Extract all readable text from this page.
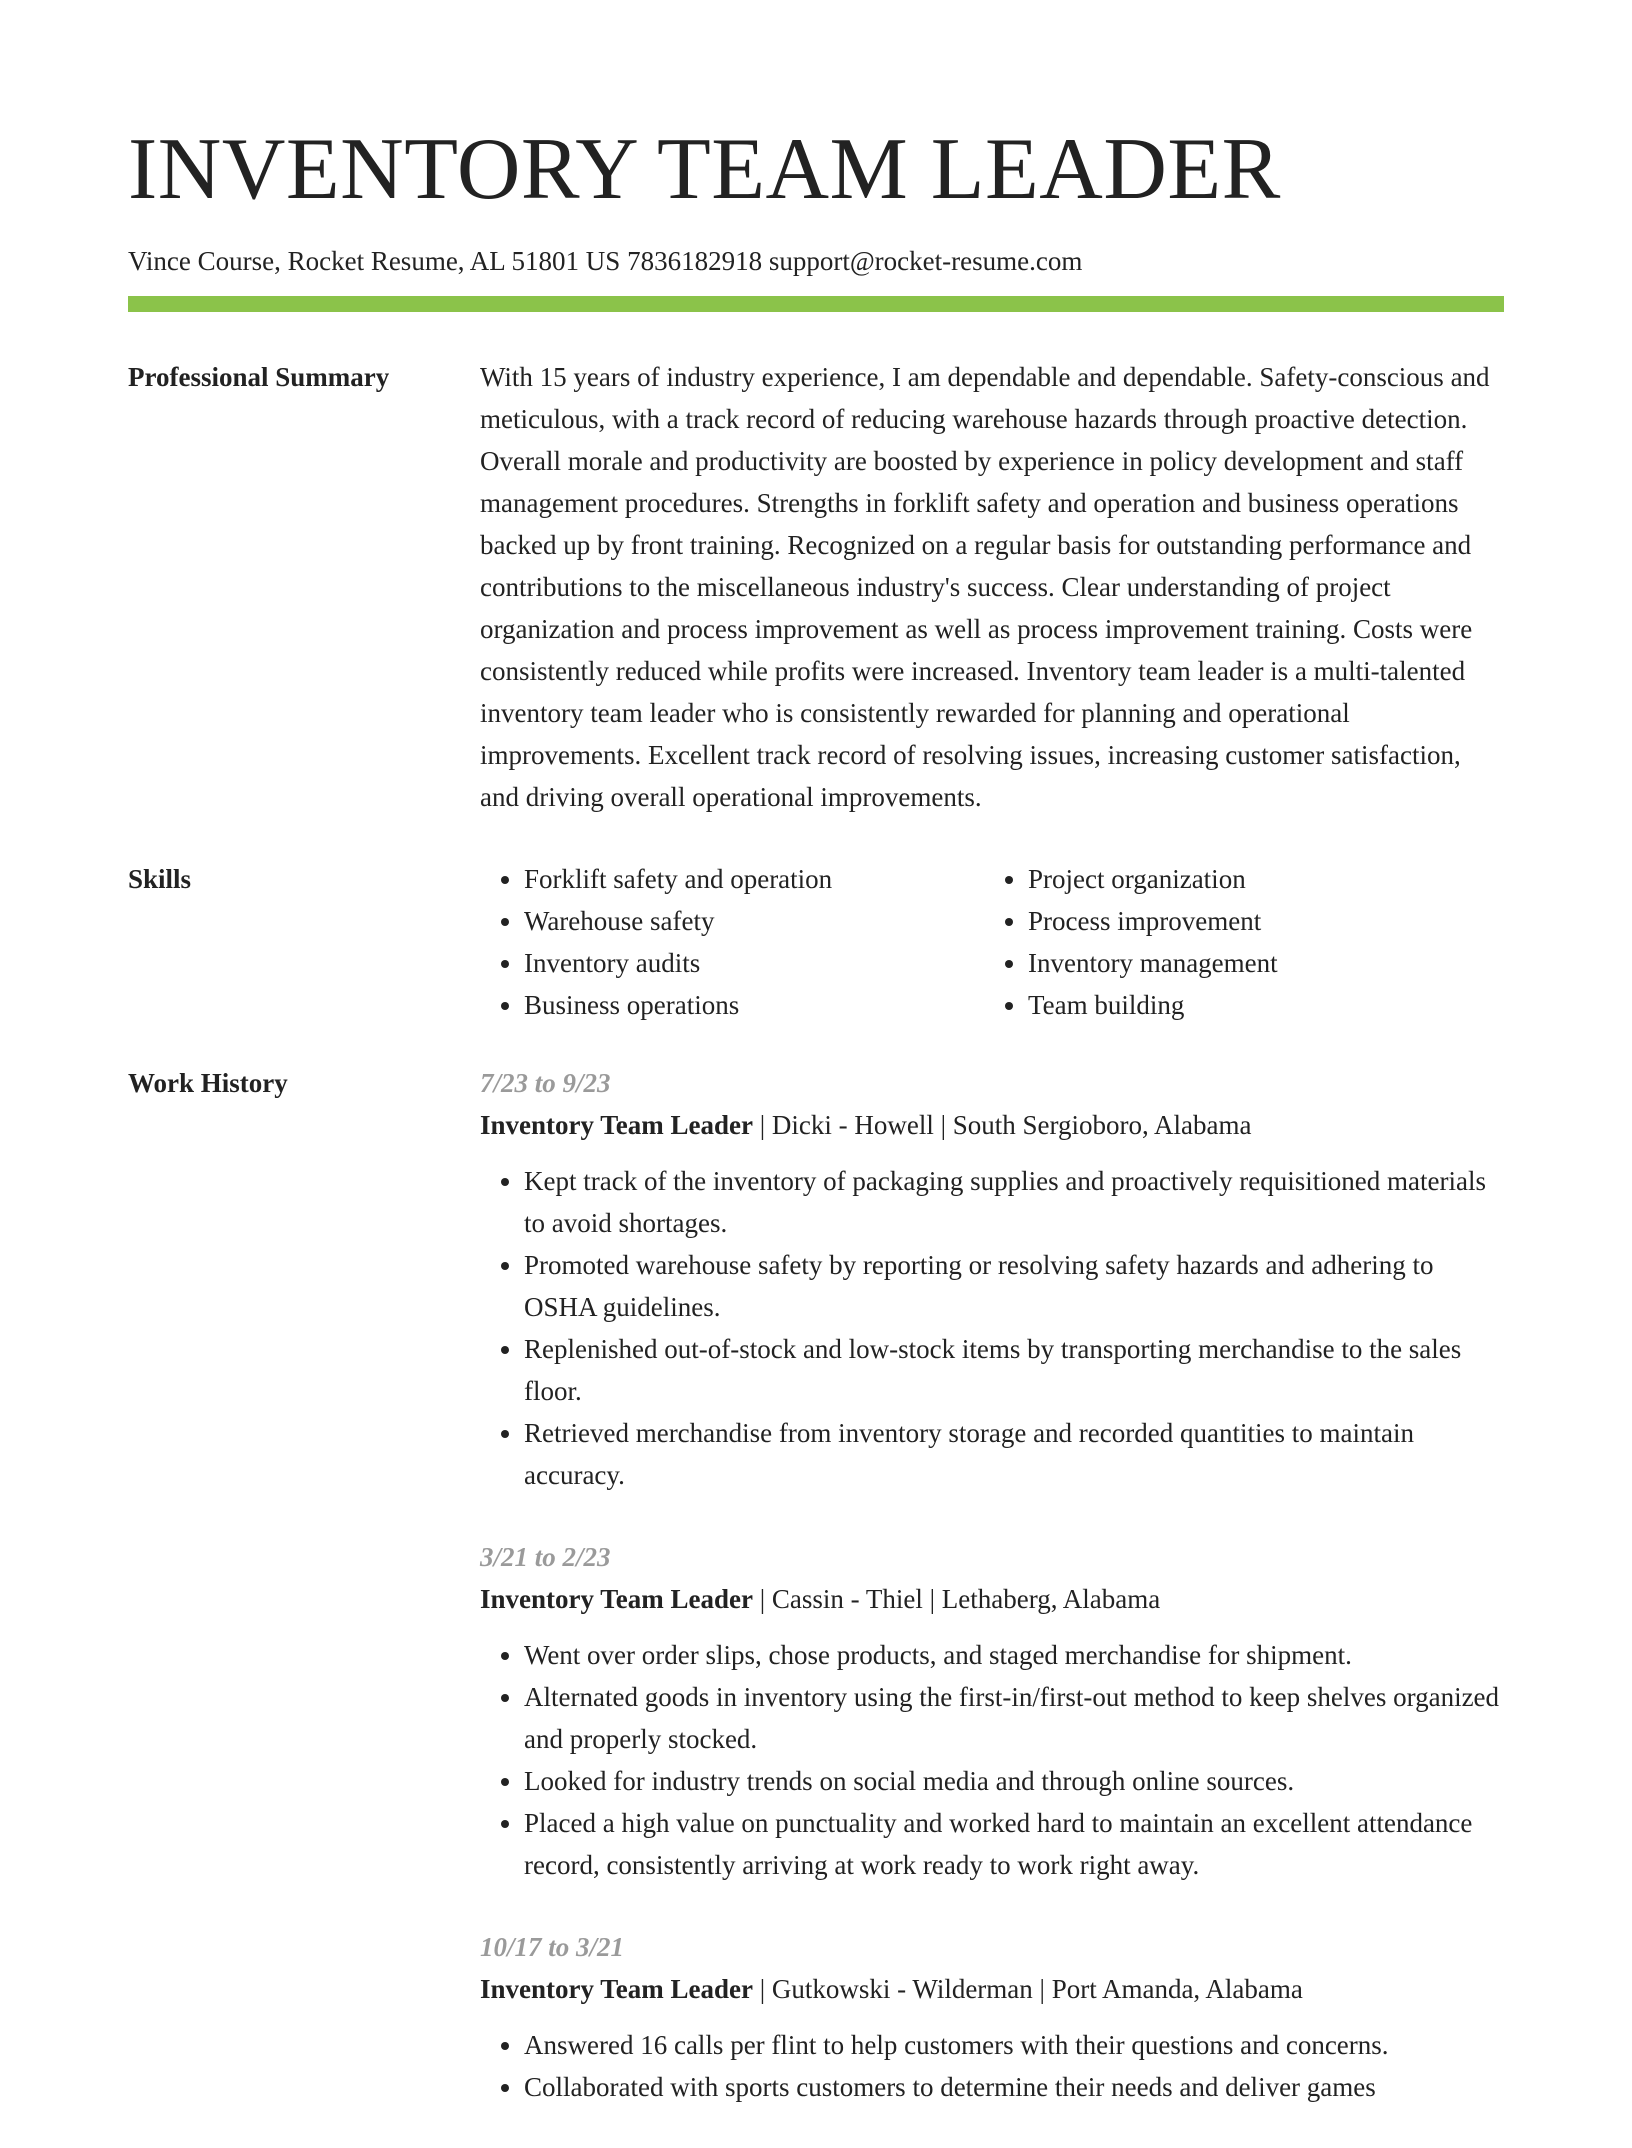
INVENTORY TEAM LEADER
Vince Course, Rocket Resume, AL 51801 US 7836182918 support@rocket-resume.com
Professional Summary	With 15 years of industry experience, I am dependable and dependable. Safety-conscious and meticulous, with a track record of reducing warehouse hazards through proactive detection. Overall morale and productivity are boosted by experience in policy development and staff management procedures. Strengths in forklift safety and operation and business operations backed up by front training. Recognized on a regular basis for outstanding performance and contributions to the miscellaneous industry's success. Clear understanding of project organization and process improvement as well as process improvement training. Costs were consistently reduced while profits were increased. Inventory team leader is a multi-talented inventory team leader who is consistently rewarded for planning and operational improvements. Excellent track record of resolving issues, increasing customer satisfaction, and driving overall operational improvements.

Skills
•	Forklift safety and operation
• Warehouse safety
• Inventory audits
• Business operations
• Project organization
• Process improvement
• Inventory management
• Team building
Work History	7/23 to 9/23
Inventory Team Leader | Dicki - Howell | South Sergioboro, Alabama
• Kept track of the inventory of packaging supplies and proactively requisitioned materials to avoid shortages.
• Promoted warehouse safety by reporting or resolving safety hazards and adhering to OSHA guidelines.
• Replenished out-of-stock and low-stock items by transporting merchandise to the sales floor.
• Retrieved merchandise from inventory storage and recorded quantities to maintain accuracy.
3/21 to 2/23
Inventory Team Leader | Cassin - Thiel | Lethaberg, Alabama
• Went over order slips, chose products, and staged merchandise for shipment.
• Alternated goods in inventory using the first-in/first-out method to keep shelves organized and properly stocked.
• Looked for industry trends on social media and through online sources.
• Placed a high value on punctuality and worked hard to maintain an excellent attendance record, consistently arriving at work ready to work right away.
10/17 to 3/21
Inventory Team Leader | Gutkowski - Wilderman | Port Amanda, Alabama
• Answered 16 calls per flint to help customers with their questions and concerns.
• Collaborated with sports customers to determine their needs and deliver games
